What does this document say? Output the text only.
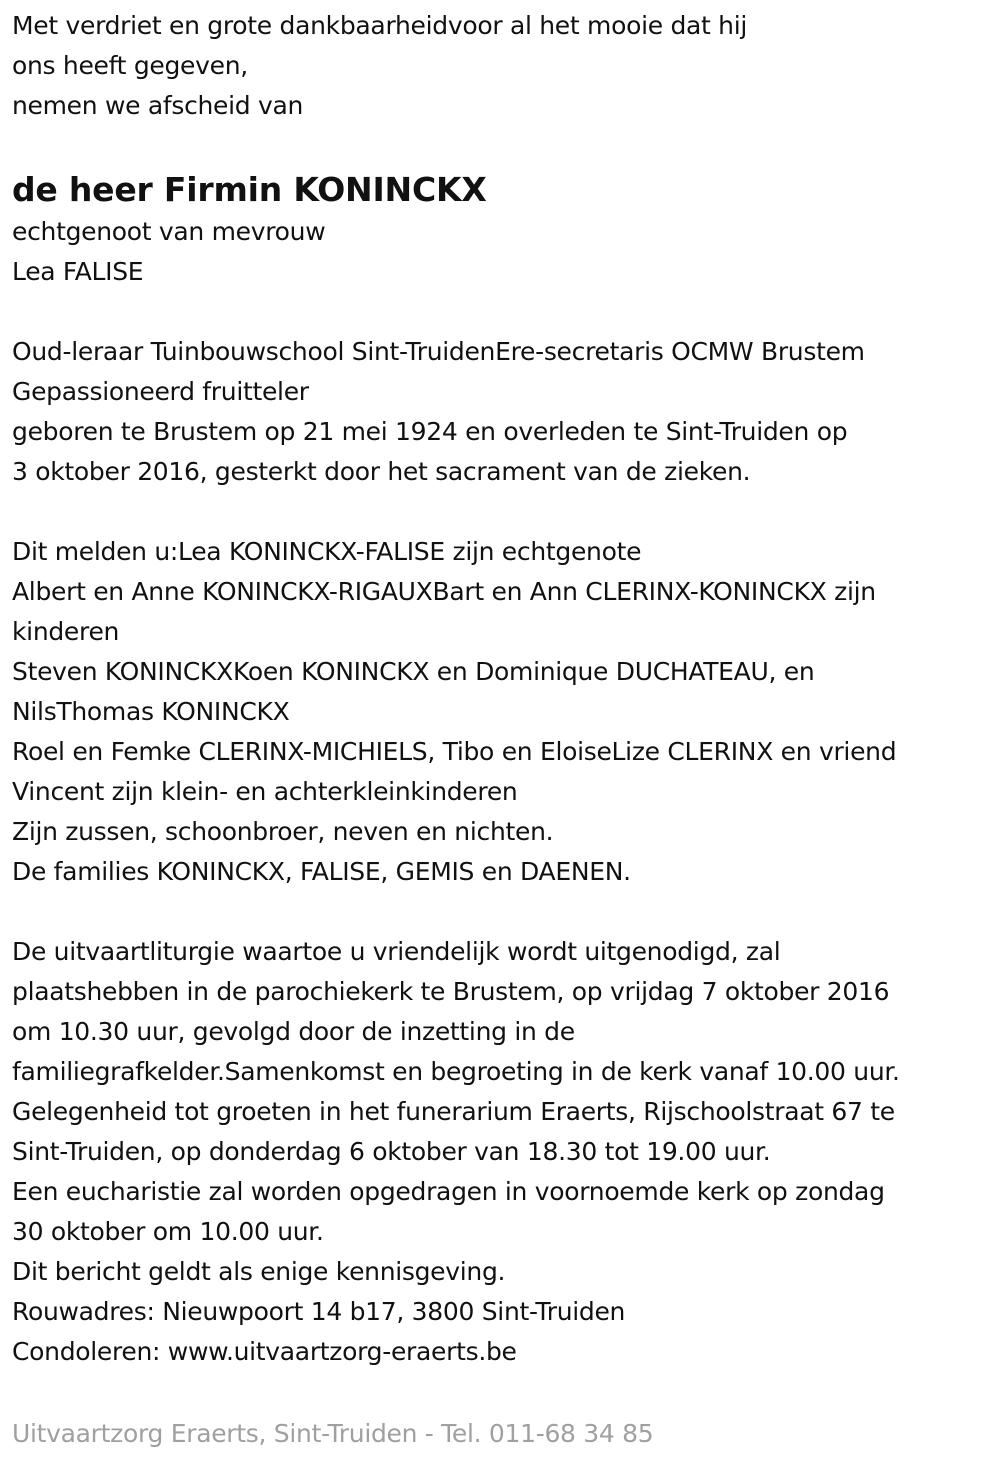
Met verdriet en grote dankbaarheidvoor al het mooie dat hij
ons heeft gegeven,
nemen we afscheid van
de heer Firmin KONINCKX
echtgenoot van mevrouw
Lea FALISE
Oud-leraar Tuinbouwschool Sint-TruidenEre-secretaris OCMW Brustem
Gepassioneerd fruitteler
geboren te Brustem op 21 mei 1924 en overleden te Sint-Truiden op
3 oktober 2016, gesterkt door het sacrament van de zieken.
Dit melden u:Lea KONINCKX-FALISE zijn echtgenote
Albert en Anne KONINCKX-RIGAUXBart en Ann CLERINX-KONINCKX zijn
kinderen
Steven KONINCKXKoen KONINCKX en Dominique DUCHATEAU, en
NilsThomas KONINCKX
Roel en Femke CLERINX-MICHIELS, Tibo en EloiseLize CLERINX en vriend
Vincent zijn klein- en achterkleinkinderen
Zijn zussen, schoonbroer, neven en nichten.
De families KONINCKX, FALISE, GEMIS en DAENEN.
De uitvaartliturgie waartoe u vriendelijk wordt uitgenodigd, zal
plaatshebben in de parochiekerk te Brustem, op vrijdag 7 oktober 2016
om 10.30 uur, gevolgd door de inzetting in de
familiegrafkelder.Samenkomst en begroeting in de kerk vanaf 10.00 uur.
Gelegenheid tot groeten in het funerarium Eraerts, Rijschoolstraat 67 te
Sint-Truiden, op donderdag 6 oktober van 18.30 tot 19.00 uur.
Een eucharistie zal worden opgedragen in voornoemde kerk op zondag
30 oktober om 10.00 uur.
Dit bericht geldt als enige kennisgeving.
Rouwadres: Nieuwpoort 14 b17, 3800 Sint-Truiden
Condoleren: www.uitvaartzorg-eraerts.be
Uitvaartzorg Eraerts, Sint-Truiden - Tel. 011-68 34 85
